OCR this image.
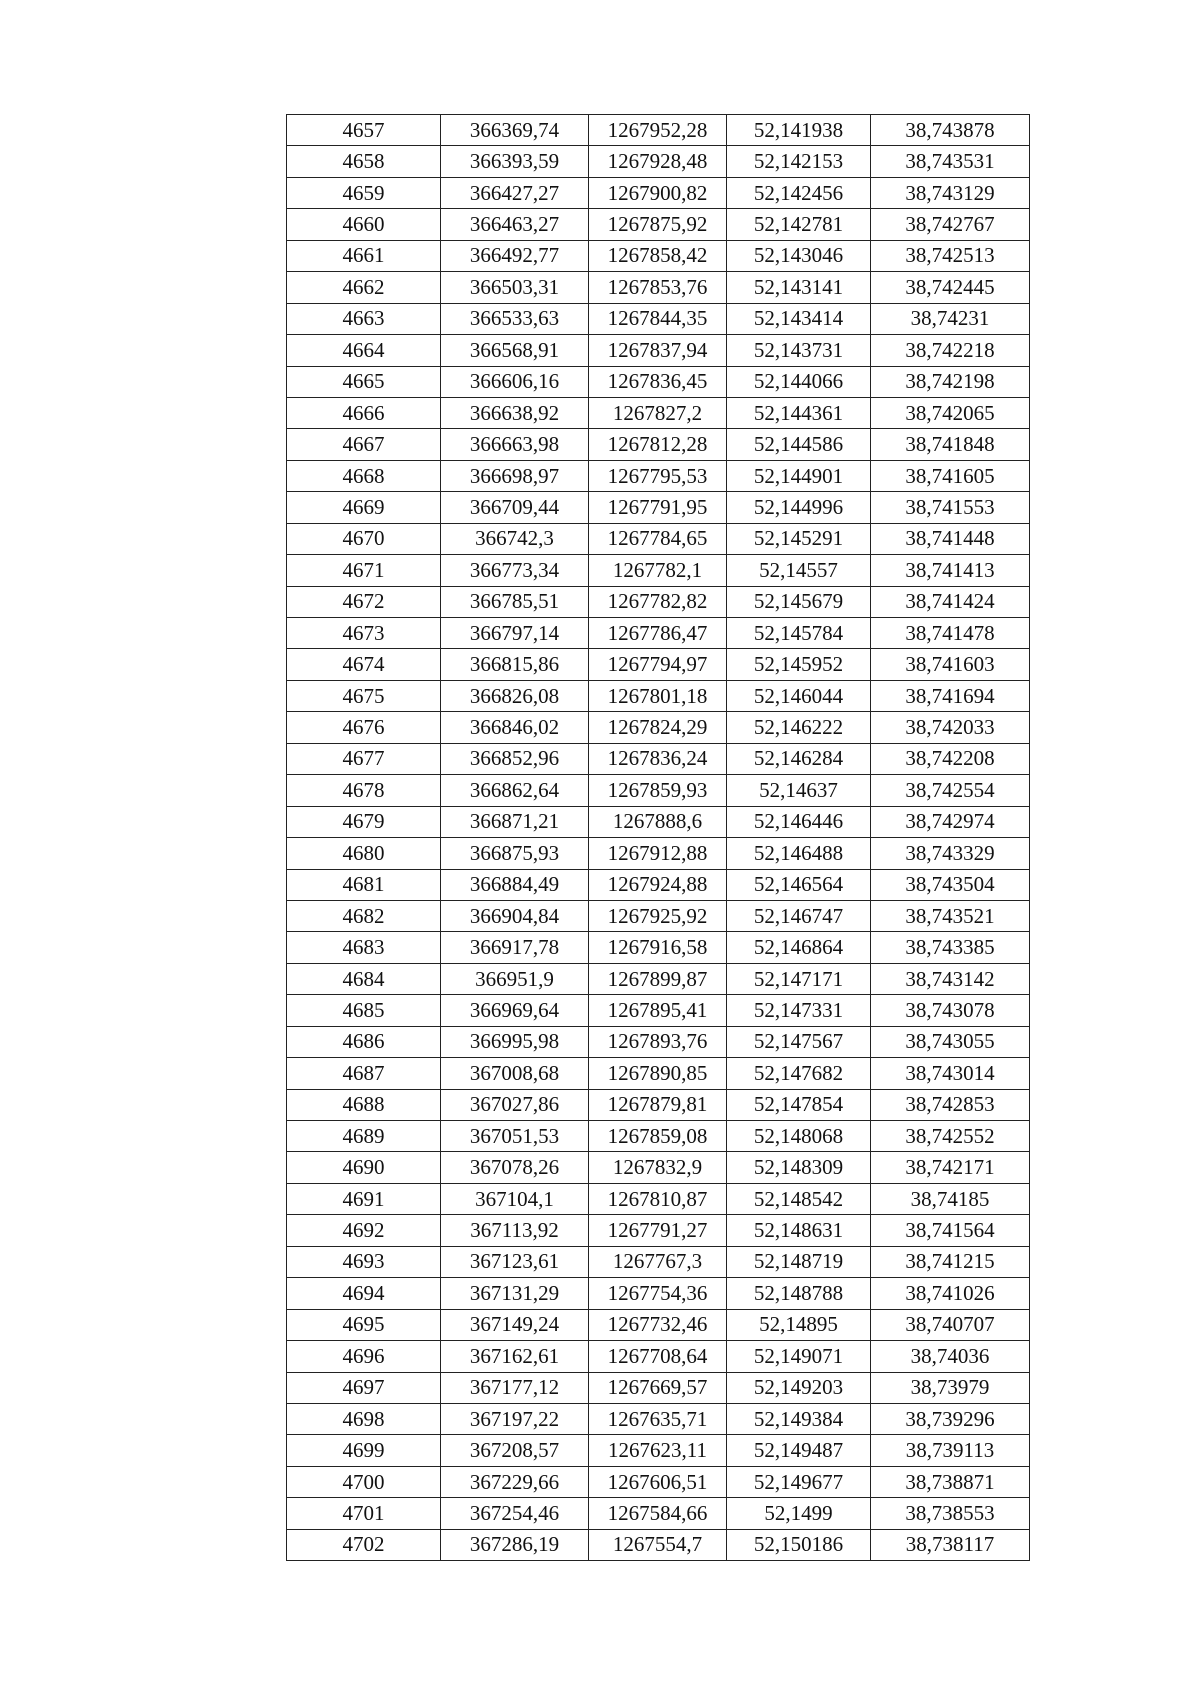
4657	366369,74	1267952,28	52,141938	38,743878
4658	366393,59	1267928,48	52,142153	38,743531
4659	366427,27	1267900,82	52,142456	38,743129
4660	366463,27	1267875,92	52,142781	38,742767
4661	366492,77	1267858,42	52,143046	38,742513
4662	366503,31	1267853,76	52,143141	38,742445
4663	366533,63	1267844,35	52,143414	38,74231
4664	366568,91	1267837,94	52,143731	38,742218
4665	366606,16	1267836,45	52,144066	38,742198
4666	366638,92	1267827,2	52,144361	38,742065
4667	366663,98	1267812,28	52,144586	38,741848
4668	366698,97	1267795,53	52,144901	38,741605
4669	366709,44	1267791,95	52,144996	38,741553
4670	366742,3	1267784,65	52,145291	38,741448
4671	366773,34	1267782,1	52,14557	38,741413
4672	366785,51	1267782,82	52,145679	38,741424
4673	366797,14	1267786,47	52,145784	38,741478
4674	366815,86	1267794,97	52,145952	38,741603
4675	366826,08	1267801,18	52,146044	38,741694
4676	366846,02	1267824,29	52,146222	38,742033
4677	366852,96	1267836,24	52,146284	38,742208
4678	366862,64	1267859,93	52,14637	38,742554
4679	366871,21	1267888,6	52,146446	38,742974
4680	366875,93	1267912,88	52,146488	38,743329
4681	366884,49	1267924,88	52,146564	38,743504
4682	366904,84	1267925,92	52,146747	38,743521
4683	366917,78	1267916,58	52,146864	38,743385
4684	366951,9	1267899,87	52,147171	38,743142
4685	366969,64	1267895,41	52,147331	38,743078
4686	366995,98	1267893,76	52,147567	38,743055
4687	367008,68	1267890,85	52,147682	38,743014
4688	367027,86	1267879,81	52,147854	38,742853
4689	367051,53	1267859,08	52,148068	38,742552
4690	367078,26	1267832,9	52,148309	38,742171
4691	367104,1	1267810,87	52,148542	38,74185
4692	367113,92	1267791,27	52,148631	38,741564
4693	367123,61	1267767,3	52,148719	38,741215
4694	367131,29	1267754,36	52,148788	38,741026
4695	367149,24	1267732,46	52,14895	38,740707
4696	367162,61	1267708,64	52,149071	38,74036
4697	367177,12	1267669,57	52,149203	38,73979
4698	367197,22	1267635,71	52,149384	38,739296
4699	367208,57	1267623,11	52,149487	38,739113
4700	367229,66	1267606,51	52,149677	38,738871
4701	367254,46	1267584,66	52,1499	38,738553
4702	367286,19	1267554,7	52,150186	38,738117
